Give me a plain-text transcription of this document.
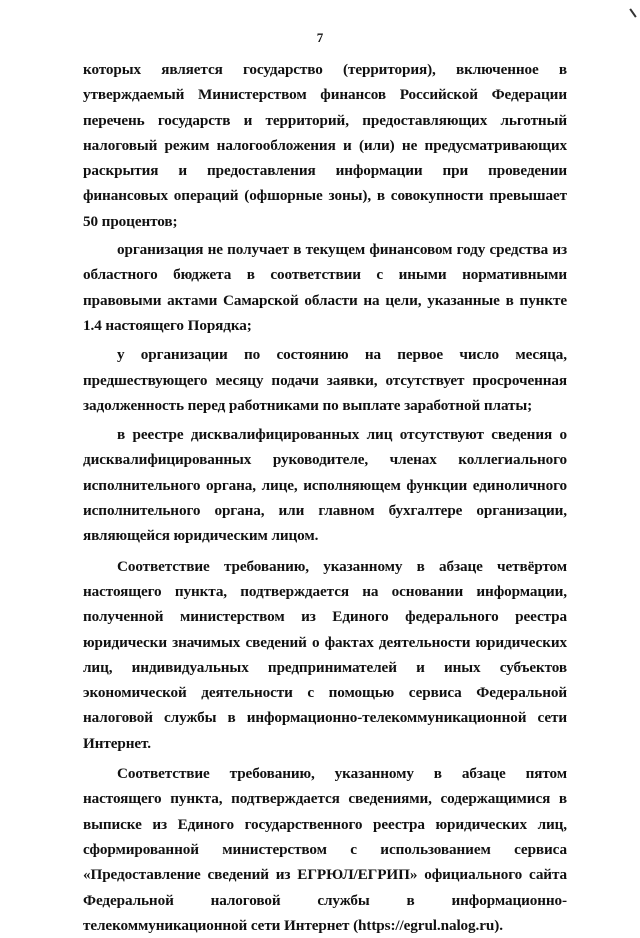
7

которых является государство (территория), включенное в утверждаемый Министерством финансов Российской Федерации перечень государств и территорий, предоставляющих льготный налоговый режим налогообложения и (или) не предусматривающих раскрытия и предоставления информации при проведении финансовых операций (офшорные зоны), в совокупности превышает 50 процентов;

организация не получает в текущем финансовом году средства из областного бюджета в соответствии с иными нормативными правовыми актами Самарской области на цели, указанные в пункте 1.4 настоящего Порядка;

у организации по состоянию на первое число месяца, предшествующего месяцу подачи заявки, отсутствует просроченная задолженность перед работниками по выплате заработной платы;

в реестре дисквалифицированных лиц отсутствуют сведения о дисквалифицированных руководителе, членах коллегиального исполнительного органа, лице, исполняющем функции единоличного исполнительного органа, или главном бухгалтере организации, являющейся юридическим лицом.

Соответствие требованию, указанному в абзаце четвёртом настоящего пункта, подтверждается на основании информации, полученной министерством из Единого федерального реестра юридически значимых сведений о фактах деятельности юридических лиц, индивидуальных предпринимателей и иных субъектов экономической деятельности с помощью сервиса Федеральной налоговой службы в информационно-телекоммуникационной сети Интернет.

Соответствие требованию, указанному в абзаце пятом настоящего пункта, подтверждается сведениями, содержащимися в выписке из Единого государственного реестра юридических лиц, сформированной министерством с использованием сервиса «Предоставление сведений из ЕГРЮЛ/ЕГРИП» официального сайта Федеральной налоговой службы в информационно-телекоммуникационной сети Интернет (https://egrul.nalog.ru).
